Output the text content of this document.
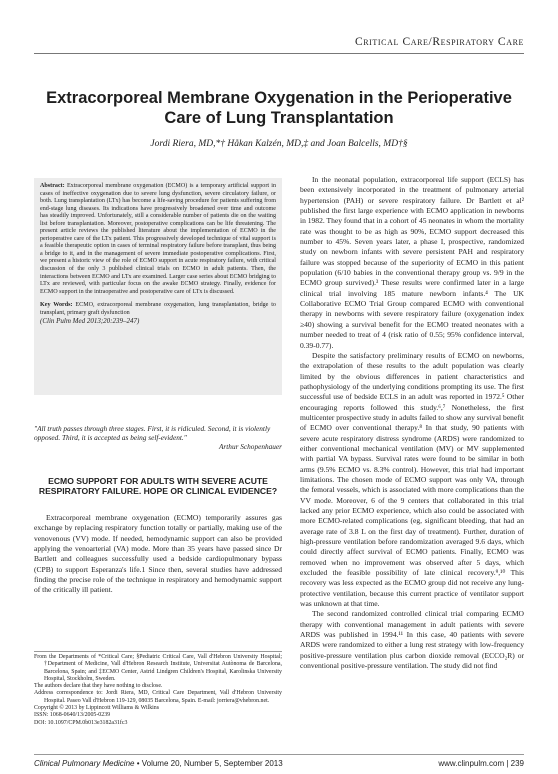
Critical Care/Respiratory Care
Extracorporeal Membrane Oxygenation in the Perioperative Care of Lung Transplantation
Jordi Riera, MD,*† Håkan Kalzén, MD,‡ and Joan Balcells, MD†§

Abstract: Extracorporeal membrane oxygenation (ECMO) is a temporary artificial support in cases of ineffective oxygenation due to severe lung dysfunction, severe circulatory failure, or both. Lung transplantation (LTx) has become a life-saving procedure for patients suffering from end-stage lung diseases. Its indications have progressively broadened over time and outcome has steadily improved. Unfortunately, still a considerable number of patients die on the waiting list before transplantation. Moreover, postoperative complications can be life threatening. The present article reviews the published literature about the implementation of ECMO in the perioperative care of the LTx patient. This progressively developed technique of vital support is a feasible therapeutic option in cases of terminal respiratory failure before transplant, thus being a bridge to it, and in the management of severe immediate postoperative complications. First, we present a historic view of the role of ECMO support in acute respiratory failure, with critical discussion of the only 3 published clinical trials on ECMO in adult patients. Then, the interactions between ECMO and LTx are examined. Larger case series about ECMO bridging to LTx are reviewed, with particular focus on the awake ECMO strategy. Finally, evidence for ECMO support in the intraoperative and postoperative care of LTx is discussed.

Key Words: ECMO, extracorporeal membrane oxygenation, lung transplantation, bridge to transplant, primary graft dysfunction

(Clin Pulm Med 2013;20:239–247)

"All truth passes through three stages. First, it is ridiculed. Second, it is violently opposed. Third, it is accepted as being self-evident."
Arthur Schopenhauer
ECMO SUPPORT FOR ADULTS WITH SEVERE ACUTE RESPIRATORY FAILURE. HOPE OR CLINICAL EVIDENCE?

Extracorporeal membrane oxygenation (ECMO) temporarily assures gas exchange by replacing respiratory function totally or partially, making use of the venovenous (VV) mode. If needed, hemodynamic support can also be provided applying the venoarterial (VA) mode. More than 35 years have passed since Dr Bartlett and colleagues successfully used a bedside cardiopulmonary bypass (CPB) to support Esperanza's life.1 Since then, several studies have addressed finding the precise role of the technique in respiratory and hemodynamic support of the critically ill patient.

From the Departments of *Critical Care; §Pediatric Critical Care, Vall d'Hebron University Hospital; †Department of Medicine, Vall d'Hebron Research Institute, Universitat Autònoma de Barcelona, Barcelona, Spain; and ‡ECMO Center, Astrid Lindgren Children's Hospital, Karolinska University Hospital, Stockholm, Sweden.
The authors declare that they have nothing to disclose.
Address correspondence to: Jordi Riera, MD, Critical Care Department, Vall d'Hebron University Hospital. Paseo Vall d'Hebron 119-129, 08035 Barcelona, Spain. E-mail: jorriera@vhebron.net.
Copyright © 2013 by Lippincott Williams & Wilkins
ISSN: 1068-0640/13/2005-0239
DOI: 10.1097/CPM.0b013e3182a31fc3

In the neonatal population, extracorporeal life support (ECLS) has been extensively incorporated in the treatment of pulmonary arterial hypertension (PAH) or severe respiratory failure. Dr Bartlett et al² published the first large experience with ECMO application in newborns in 1982. They found that in a cohort of 45 neonates in whom the mortality rate was thought to be as high as 90%, ECMO support decreased this number to 45%. Seven years later, a phase I, prospective, randomized study on newborn infants with severe persistent PAH and respiratory failure was stopped because of the superiority of ECMO in this patient population (6/10 babies in the conventional therapy group vs. 9/9 in the ECMO group survived).³ These results were confirmed later in a large clinical trial involving 185 mature newborn infants.⁴ The UK Collaborative ECMO Trial Group compared ECMO with conventional therapy in newborns with severe respiratory failure (oxygenation index ≥40) showing a survival benefit for the ECMO treated neonates with a number needed to treat of 4 (risk ratio of 0.55; 95% confidence interval, 0.39-0.77).

Despite the satisfactory preliminary results of ECMO on newborns, the extrapolation of these results to the adult population was clearly limited by the obvious differences in patient characteristics and pathophysiology of the underlying conditions prompting its use. The first successful use of bedside ECLS in an adult was reported in 1972.⁵ Other encouraging reports followed this study.⁶,⁷ Nonetheless, the first multicenter prospective study in adults failed to show any survival benefit of ECMO over conventional therapy.⁸ In that study, 90 patients with severe acute respiratory distress syndrome (ARDS) were randomized to either conventional mechanical ventilation (MV) or MV supplemented with partial VA bypass. Survival rates were found to be similar in both arms (9.5% ECMO vs. 8.3% control). However, this trial had important limitations. The chosen mode of ECMO support was only VA, through the femoral vessels, which is associated with more complications than the VV mode. Moreover, 6 of the 9 centers that collaborated in this trial lacked any prior ECMO experience, which also could be associated with more ECMO-related complications (eg, significant bleeding, that had an average rate of 3.8 L on the first day of treatment). Further, duration of high-pressure ventilation before randomization averaged 9.6 days, which could directly affect survival of ECMO patients. Finally, ECMO was removed when no improvement was observed after 5 days, which excluded the feasible possibility of late clinical recovery.⁹,¹⁰ This recovery was less expected as the ECMO group did not receive any lung-protective ventilation, because this current practice of ventilator support was unknown at that time.

The second randomized controlled clinical trial comparing ECMO therapy with conventional management in adult patients with severe ARDS was published in 1994.¹¹ In this case, 40 patients with severe ARDS were randomized to either a lung rest strategy with low-frequency positive-pressure ventilation plus carbon dioxide removal (ECCO₂R) or conventional positive-pressure ventilation. The study did not find

Clinical Pulmonary Medicine • Volume 20, Number 5, September 2013	www.clinpulm.com | 239
